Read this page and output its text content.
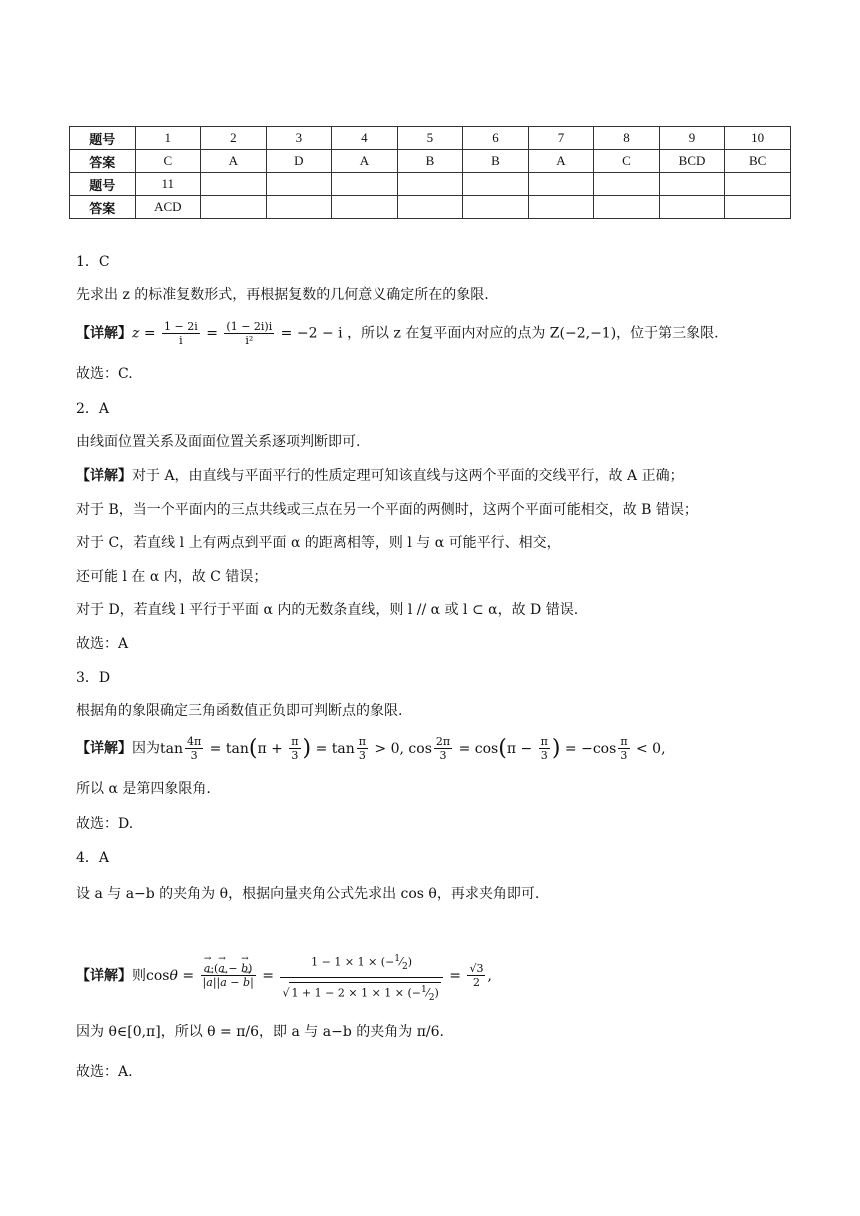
题号	1	2	3	4	5	6	7	8	9	10
答案	C	A	D	A	B	B	A	C	BCD	BC
题号	11									
答案	ACD									
1．C
先求出 z 的标准复数形式，再根据复数的几何意义确定所在的象限.
【详解】$z = \frac{1 - 2i}{i} = \frac{(1 - 2i)i}{\text{i²}} = -2 - i$ ，所以 z 在复平面内对应的点为 Z(−2,−1)，位于第三象限.
故选：C.
2．A
由线面位置关系及面面位置关系逐项判断即可.
【详解】对于 A，由直线与平面平行的性质定理可知该直线与这两个平面的交线平行，故 A 正确；
对于 B，当一个平面内的三点共线或三点在另一个平面的两侧时，这两个平面可能相交，故 B 错误；
对于 C，若直线 l 上有两点到平面 α 的距离相等，则 l 与 α 可能平行、相交，
还可能 l 在 α 内，故 C 错误；
对于 D，若直线 l 平行于平面 α 内的无数条直线，则 l // α 或 l ⊂ α，故 D 错误.
故选：A
3．D
根据角的象限确定三角函数值正负即可判断点的象限.
【详解】因为$\tan \frac{4\pi}{3} = \tan(\pi + \frac{\pi}{3}$ ) = $\tan \frac{\pi}{3} > 0$, $\cos \frac{2\pi}{3} = \cos(\pi - \frac{\pi}{3}$ ) = $-\cos \frac{\pi}{3} < 0$,
所以 α 是第四象限角.
故选：D.
4．A
设 a 与 a−b 的夹角为 θ，根据向量夹角公式先求出 cos θ，再求夹角即可.
【详解】则cosθ = → $\frac{a\cdot(\to a - \to b)}{|\to a||\to a - \to b|} = \frac{1 - 1 \times 1 \times (-^1⁄_2)}{√ 1 + 1 - 2 \times 1 \times 1 \times (-^1⁄_2)} = \frac{√3}{2}$ ,
因为 θ∈[0,π]，所以 θ = π/6，即 a 与 a−b 的夹角为 π/6.
故选：A.
